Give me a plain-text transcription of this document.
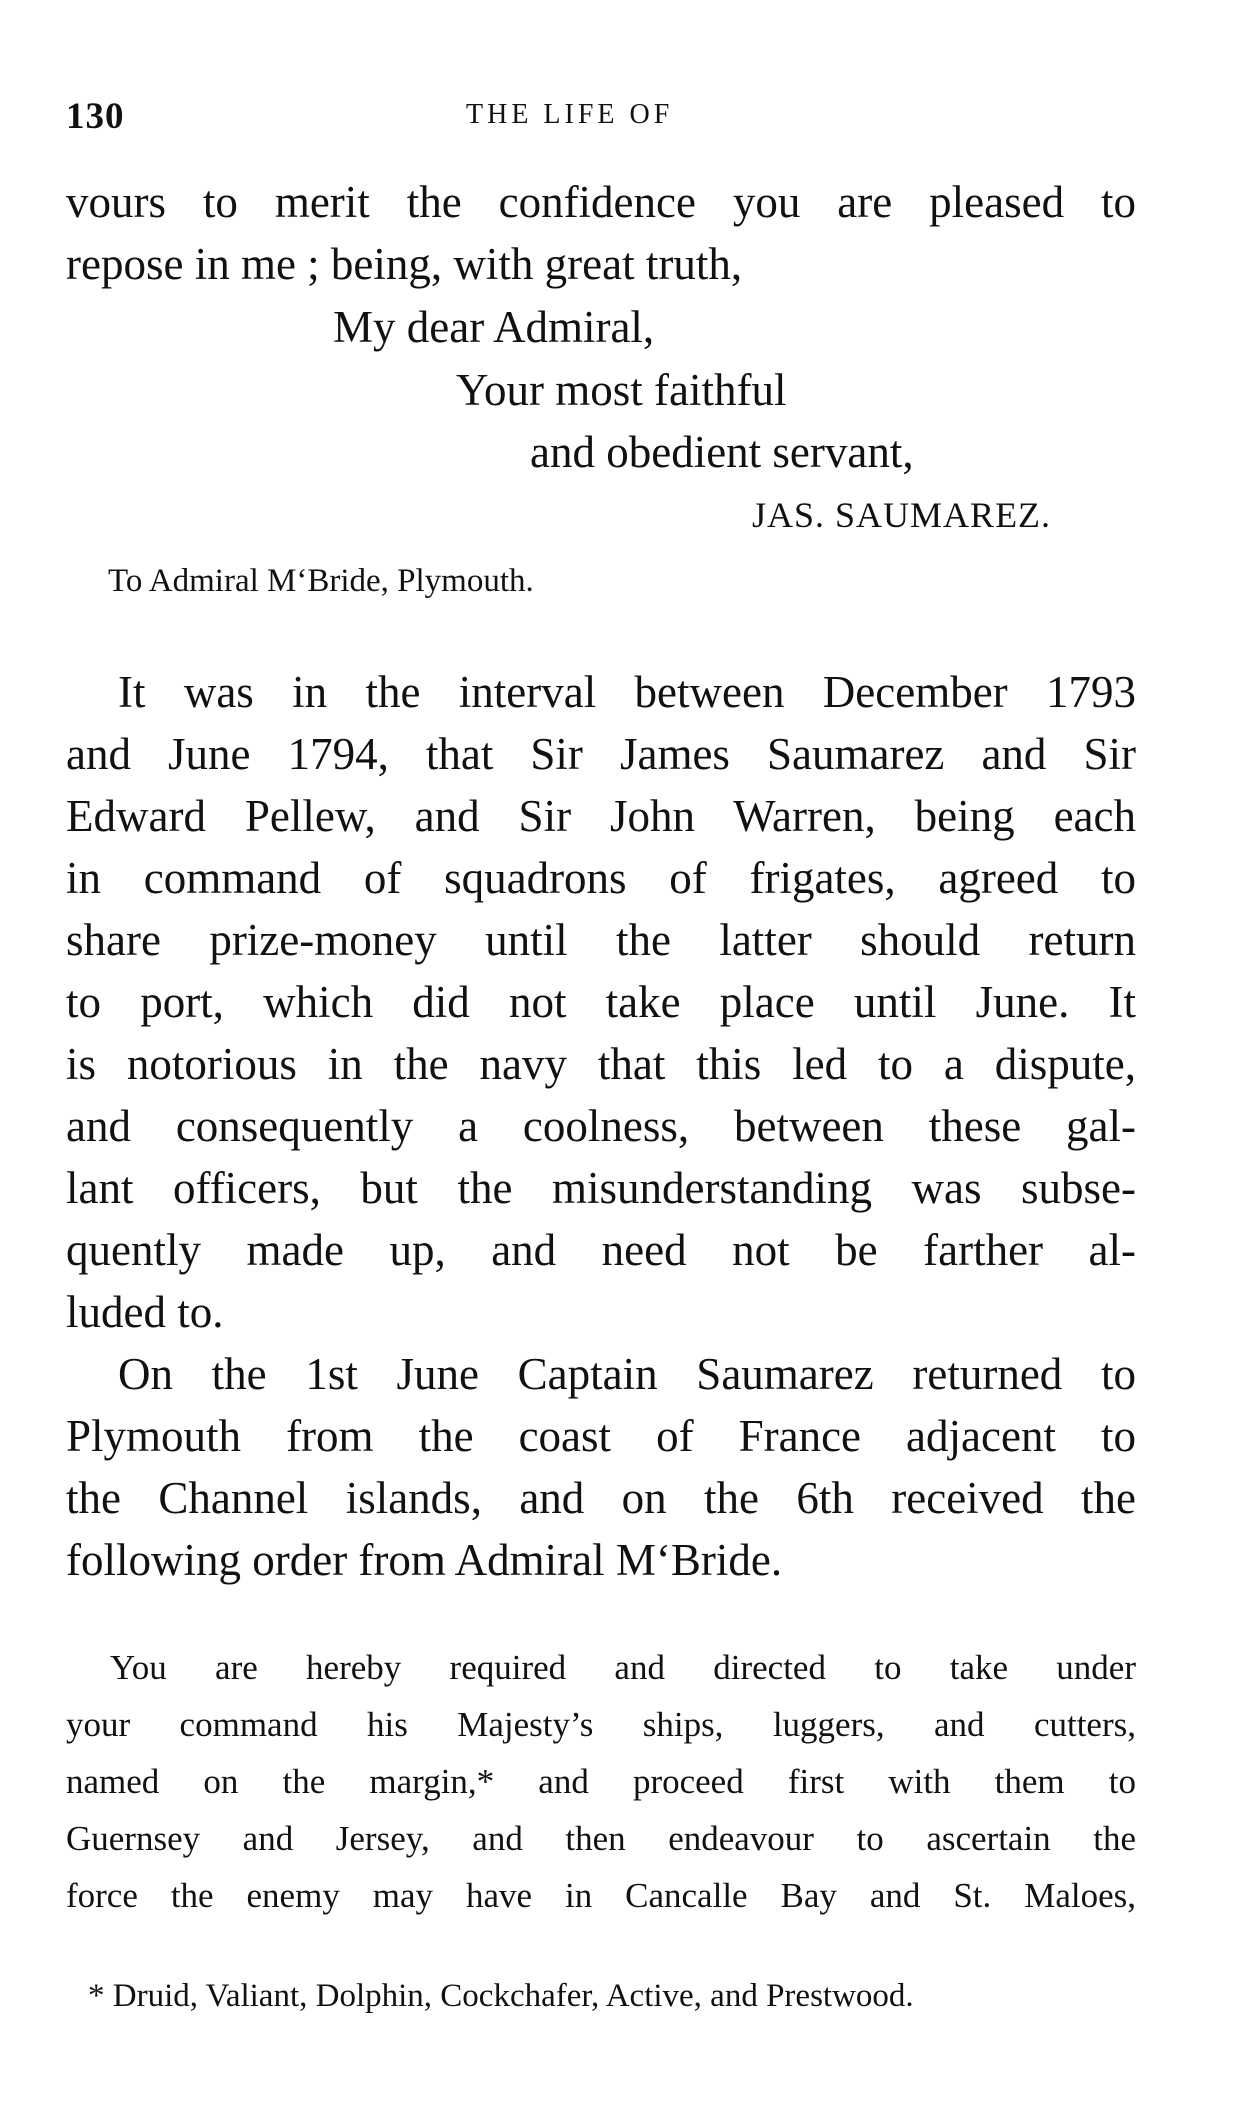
130	THE LIFE OF
vours to merit the confidence you are pleased to
repose in me ; being, with great truth,
My dear Admiral,
Your most faithful
and obedient servant,
JAS. SAUMAREZ.
To Admiral M‘Bride, Plymouth.
It was in the interval between December 1793
and June 1794, that Sir James Saumarez and Sir
Edward Pellew, and Sir John Warren, being each
in command of squadrons of frigates, agreed to
share prize-money until the latter should return
to port, which did not take place until June. It
is notorious in the navy that this led to a dispute,
and consequently a coolness, between these gal-
lant officers, but the misunderstanding was subse-
quently made up, and need not be farther al-
luded to.
On the 1st June Captain Saumarez returned to
Plymouth from the coast of France adjacent to
the Channel islands, and on the 6th received the
following order from Admiral M‘Bride.
You are hereby required and directed to take under
your command his Majesty’s ships, luggers, and cutters,
named on the margin,* and proceed first with them to
Guernsey and Jersey, and then endeavour to ascertain the
force the enemy may have in Cancalle Bay and St. Maloes,
* Druid, Valiant, Dolphin, Cockchafer, Active, and Prestwood.
